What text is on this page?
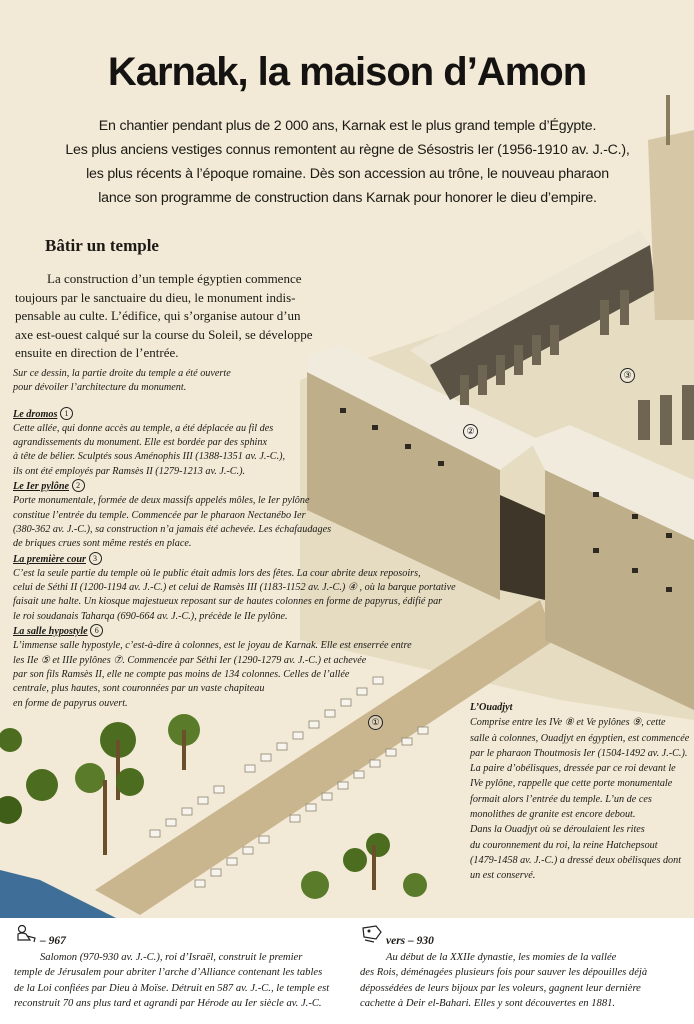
③
②
①
Karnak, la maison d’Amon

En chantier pendant plus de 2 000 ans, Karnak est le plus grand temple d’Égypte.

Les plus anciens vestiges connus remontent au règne de Sésostris Ier (1956-1910 av. J.-C.),

les plus récents à l’époque romaine. Dès son accession au trône, le nouveau pharaon

lance son programme de construction dans Karnak pour honorer le dieu d’empire.

Bâtir un temple

La construction d’un temple égyptien commence

toujours par le sanctuaire du dieu, le monument indis-

pensable au culte. L’édifice, qui s’organise autour d’un

axe est-ouest calqué sur la course du Soleil, se développe

ensuite en direction de l’entrée.

Sur ce dessin, la partie droite du temple a été ouverte

pour dévoiler l’architecture du monument.

Le dromos 1

Cette allée, qui donne accès au temple, a été déplacée au fil des

agrandissements du monument. Elle est bordée par des sphinx

à tête de bélier. Sculptés sous Aménophis III (1388-1351 av. J.-C.),

ils ont été employés par Ramsès II (1279-1213 av. J.-C.).

Le Ier pylône 2

Porte monumentale, formée de deux massifs appelés môles, le Ier pylône

constitue l’entrée du temple. Commencée par le pharaon Nectanébo Ier

(380-362 av. J.-C.), sa construction n’a jamais été achevée. Les échafaudages

de briques crues sont même restés en place.

La première cour 3

C’est la seule partie du temple où le public était admis lors des fêtes. La cour abrite deux reposoirs,

celui de Séthi II (1200-1194 av. J.-C.) et celui de Ramsès III (1183-1152 av. J.-C.) ④ , où la barque portative

faisait une halte. Un kiosque majestueux reposant sur de hautes colonnes en forme de papyrus, édifié par

le roi soudanais Taharqa (690-664 av. J.-C.), précède le IIe pylône.

La salle hypostyle 6

L’immense salle hypostyle, c’est-à-dire à colonnes, est le joyau de Karnak. Elle est enserrée entre

les IIe ⑤ et IIIe pylônes ⑦. Commencée par Séthi Ier (1290-1279 av. J.-C.) et achevée

par son fils Ramsès II, elle ne compte pas moins de 134 colonnes. Celles de l’allée

centrale, plus hautes, sont couronnées par un vaste chapiteau

en forme de papyrus ouvert.	L’Ouadjyt

Comprise entre les IVe ⑧ et Ve pylônes ⑨, cette

salle à colonnes, Ouadjyt en égyptien, est commencée

par le pharaon Thoutmosis Ier (1504-1492 av. J.-C.).

La paire d’obélisques, dressée par ce roi devant le

IVe pylône, rappelle que cette porte monumentale

formait alors l’entrée du temple. L’un de ces

monolithes de granite est encore debout.

Dans la Ouadjyt où se déroulaient les rites

du couronnement du roi, la reine Hatchepsout

(1479-1458 av. J.-C.) a dressé deux obélisques dont

un est conservé.

– 967

Salomon (970-930 av. J.-C.), roi d’Israël, construit le premier

temple de Jérusalem pour abriter l’arche d’Alliance contenant les tables

de la Loi confiées par Dieu à Moïse. Détruit en 587 av. J.-C., le temple est

reconstruit 70 ans plus tard et agrandi par Hérode au Ier siècle av. J.-C.

vers – 930

Au début de la XXIIe dynastie, les momies de la vallée

des Rois, déménagées plusieurs fois pour sauver les dépouilles déjà

dépossédées de leurs bijoux par les voleurs, gagnent leur dernière

cachette à Deir el-Bahari. Elles y sont découvertes en 1881.
